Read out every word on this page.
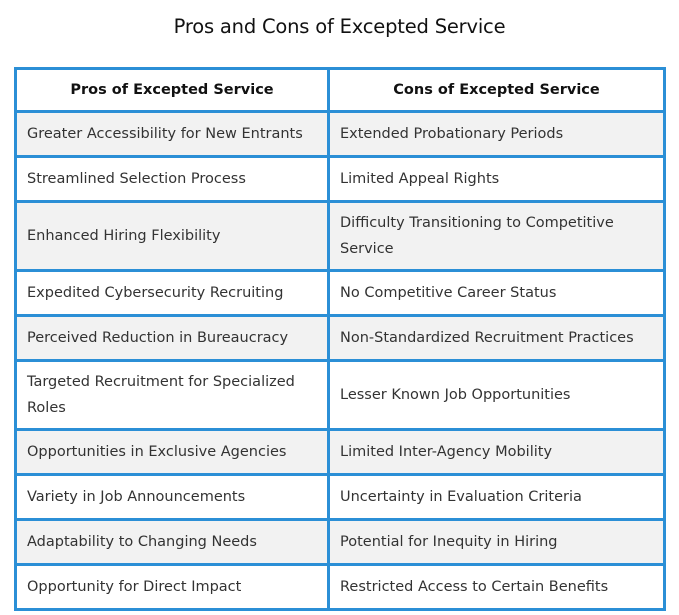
Pros and Cons of Excepted Service
Pros of Excepted Service	Cons of Excepted Service
Greater Accessibility for New Entrants	Extended Probationary Periods
Streamlined Selection Process	Limited Appeal Rights
Enhanced Hiring Flexibility	Difficulty Transitioning to Competitive Service
Expedited Cybersecurity Recruiting	No Competitive Career Status
Perceived Reduction in Bureaucracy	Non-Standardized Recruitment Practices
Targeted Recruitment for Specialized Roles	Lesser Known Job Opportunities
Opportunities in Exclusive Agencies	Limited Inter-Agency Mobility
Variety in Job Announcements	Uncertainty in Evaluation Criteria
Adaptability to Changing Needs	Potential for Inequity in Hiring
Opportunity for Direct Impact	Restricted Access to Certain Benefits
